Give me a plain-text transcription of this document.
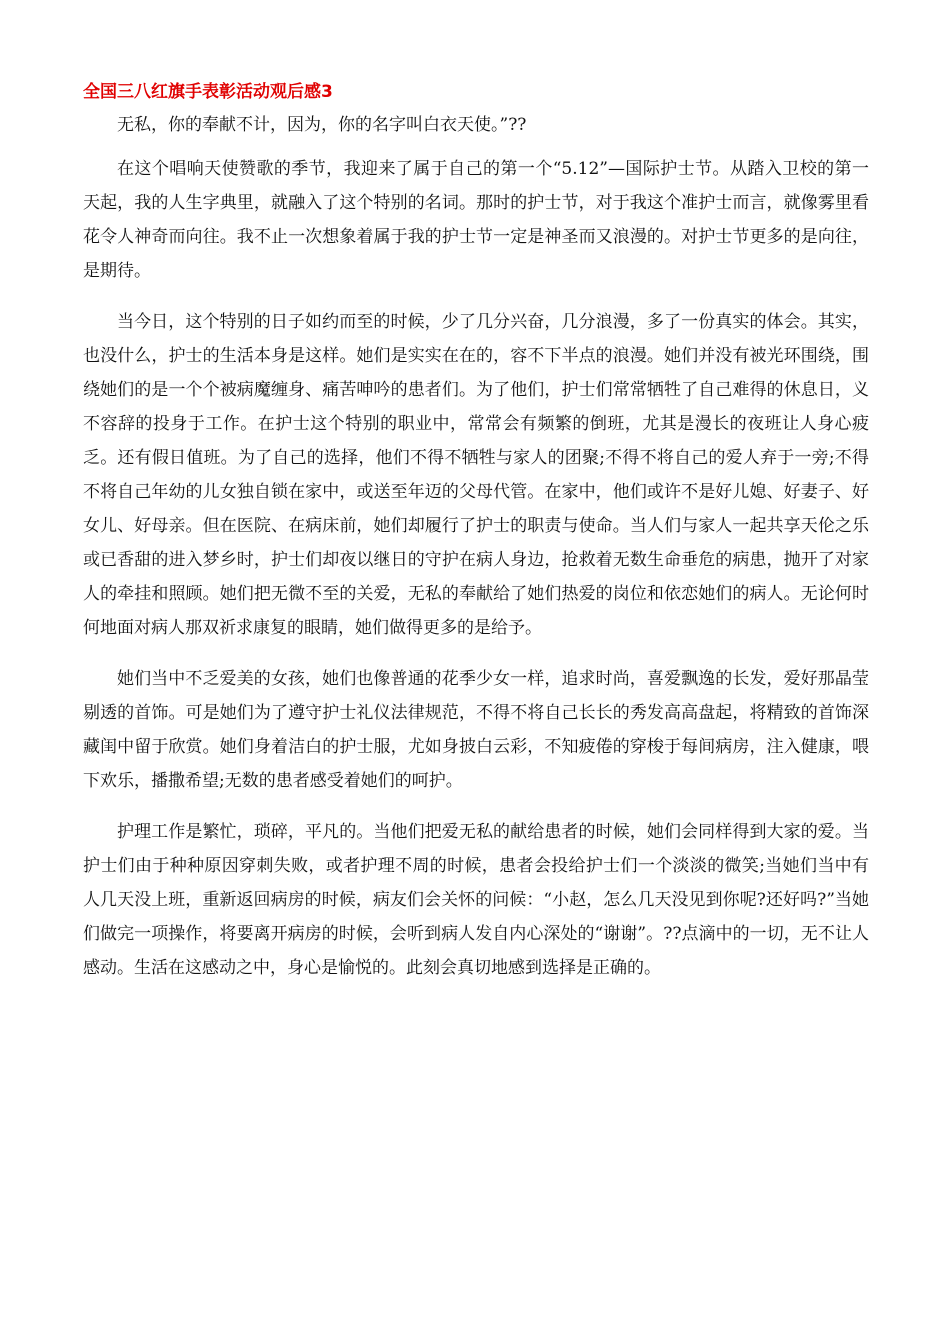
全国三八红旗手表彰活动观后感3

无私，你的奉献不计，因为，你的名字叫白衣天使。”??

在这个唱响天使赞歌的季节，我迎来了属于自己的第一个“5.12”—国际护士节。从踏入卫校的第一天起，我的人生字典里，就融入了这个特别的名词。那时的护士节，对于我这个准护士而言，就像雾里看花令人神奇而向往。我不止一次想象着属于我的护士节一定是神圣而又浪漫的。对护士节更多的是向往，是期待。

当今日，这个特别的日子如约而至的时候，少了几分兴奋，几分浪漫，多了一份真实的体会。其实，也没什么，护士的生活本身是这样。她们是实实在在的，容不下半点的浪漫。她们并没有被光环围绕，围绕她们的是一个个被病魔缠身、痛苦呻吟的患者们。为了他们，护士们常常牺牲了自己难得的休息日，义不容辞的投身于工作。在护士这个特别的职业中，常常会有频繁的倒班，尤其是漫长的夜班让人身心疲乏。还有假日值班。为了自己的选择，他们不得不牺牲与家人的团聚;不得不将自己的爱人弃于一旁;不得不将自己年幼的儿女独自锁在家中，或送至年迈的父母代管。在家中，他们或许不是好儿媳、好妻子、好女儿、好母亲。但在医院、在病床前，她们却履行了护士的职责与使命。当人们与家人一起共享天伦之乐或已香甜的进入梦乡时，护士们却夜以继日的守护在病人身边，抢救着无数生命垂危的病患，抛开了对家人的牵挂和照顾。她们把无微不至的关爱，无私的奉献给了她们热爱的岗位和依恋她们的病人。无论何时何地面对病人那双祈求康复的眼睛，她们做得更多的是给予。

她们当中不乏爱美的女孩，她们也像普通的花季少女一样，追求时尚，喜爱飘逸的长发，爱好那晶莹剔透的首饰。可是她们为了遵守护士礼仪法律规范，不得不将自己长长的秀发高高盘起，将精致的首饰深藏闺中留于欣赏。她们身着洁白的护士服，尤如身披白云彩，不知疲倦的穿梭于每间病房，注入健康，喂下欢乐，播撒希望;无数的患者感受着她们的呵护。

护理工作是繁忙，琐碎，平凡的。当他们把爱无私的献给患者的时候，她们会同样得到大家的爱。当护士们由于种种原因穿刺失败，或者护理不周的时候，患者会投给护士们一个淡淡的微笑;当她们当中有人几天没上班，重新返回病房的时候，病友们会关怀的问候：“小赵，怎么几天没见到你呢?还好吗?”当她们做完一项操作，将要离开病房的时候，会听到病人发自内心深处的“谢谢”。??点滴中的一切，无不让人感动。生活在这感动之中，身心是愉悦的。此刻会真切地感到选择是正确的。
